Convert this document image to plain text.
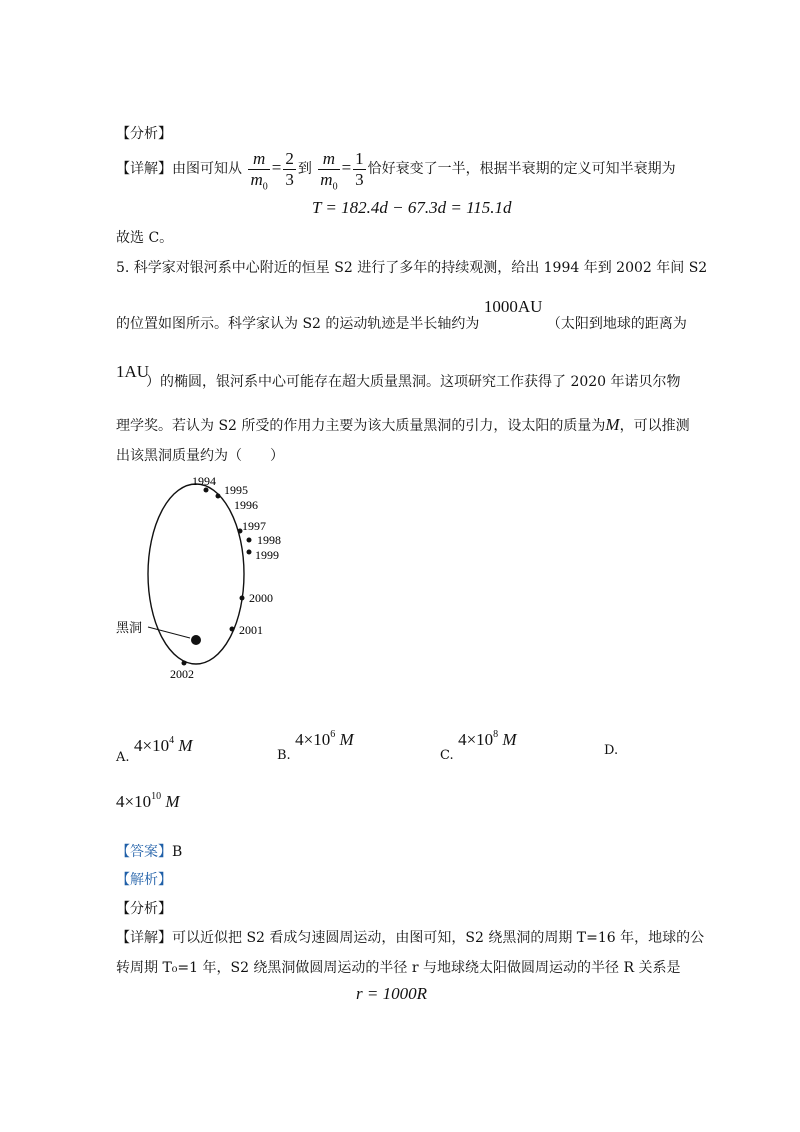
【分析】
【详解】由图可知从 $\frac{m}{m_0} = \frac{2}{3}$ 到 $\frac{m}{m_0} = \frac{1}{3}$ 恰好衰变了一半，根据半衰期的定义可知半衰期为
T = 182.4d − 67.3d = 115.1d
故选 C。
5. 科学家对银河系中心附近的恒星 S2 进行了多年的持续观测，给出 1994 年到 2002 年间 S2
的位置如图所示。科学家认为 S2 的运动轨迹是半长轴约为 1000AU （太阳到地球的距离为
1AU
）的椭圆，银河系中心可能存在超大质量黑洞。这项研究工作获得了 2020 年诺贝尔物
理学奖。若认为 S2 所受的作用力主要为该大质量黑洞的引力，设太阳的质量为M，可以推测
出该黑洞质量约为（　　）
黑洞
1994
1995
1996
1997
1998
1999
2000
2001
2002
A. $4\times 10^4$ M
B. $4\times 10^6$ M
C. $4\times 10^8$ M
D.
$4\times 10^{10}$ M
【答案】B
【解析】
【分析】
【详解】可以近似把 S2 看成匀速圆周运动，由图可知，S2 绕黑洞的周期 T=16 年，地球的公
转周期 T₀=1 年，S2 绕黑洞做圆周运动的半径 r 与地球绕太阳做圆周运动的半径 R 关系是
r = 1000R
